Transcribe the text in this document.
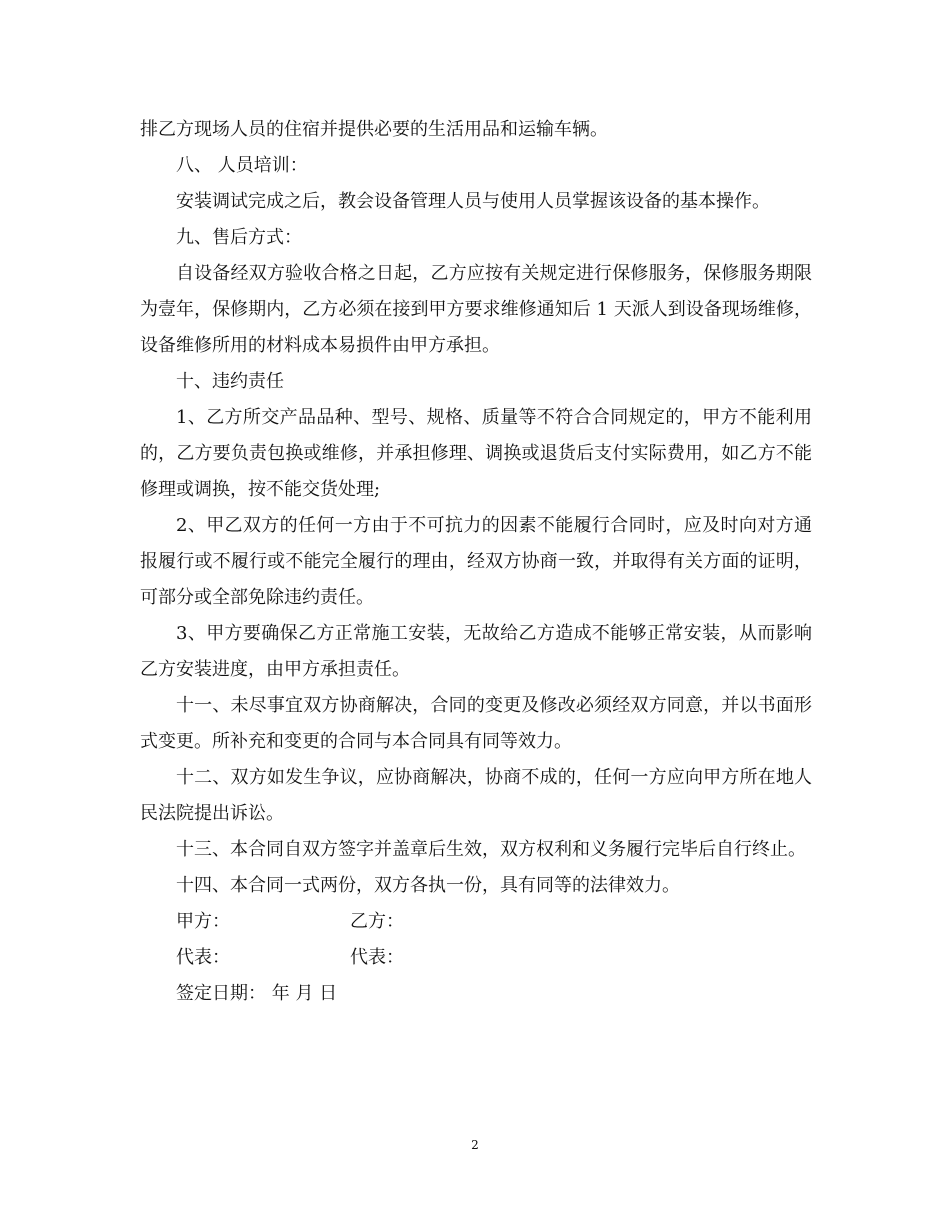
排乙方现场人员的住宿并提供必要的生活用品和运输车辆。

八、 人员培训：

安装调试完成之后，教会设备管理人员与使用人员掌握该设备的基本操作。

九、售后方式：

自设备经双方验收合格之日起，乙方应按有关规定进行保修服务，保修服务期限为壹年，保修期内，乙方必须在接到甲方要求维修通知后 1 天派人到设备现场维修，设备维修所用的材料成本易损件由甲方承担。

十、违约责任

1、乙方所交产品品种、型号、规格、质量等不符合合同规定的，甲方不能利用的，乙方要负责包换或维修，并承担修理、调换或退货后支付实际费用，如乙方不能修理或调换，按不能交货处理;

2、甲乙双方的任何一方由于不可抗力的因素不能履行合同时，应及时向对方通报履行或不履行或不能完全履行的理由，经双方协商一致，并取得有关方面的证明，可部分或全部免除违约责任。

3、甲方要确保乙方正常施工安装，无故给乙方造成不能够正常安装，从而影响乙方安装进度，由甲方承担责任。

十一、未尽事宜双方协商解决，合同的变更及修改必须经双方同意，并以书面形式变更。所补充和变更的合同与本合同具有同等效力。

十二、双方如发生争议，应协商解决，协商不成的，任何一方应向甲方所在地人民法院提出诉讼。

十三、本合同自双方签字并盖章后生效，双方权利和义务履行完毕后自行终止。

十四、本合同一式两份，双方各执一份，具有同等的法律效力。

甲方：	乙方：
代表：	代表：
签定日期： 年 月 日
2
